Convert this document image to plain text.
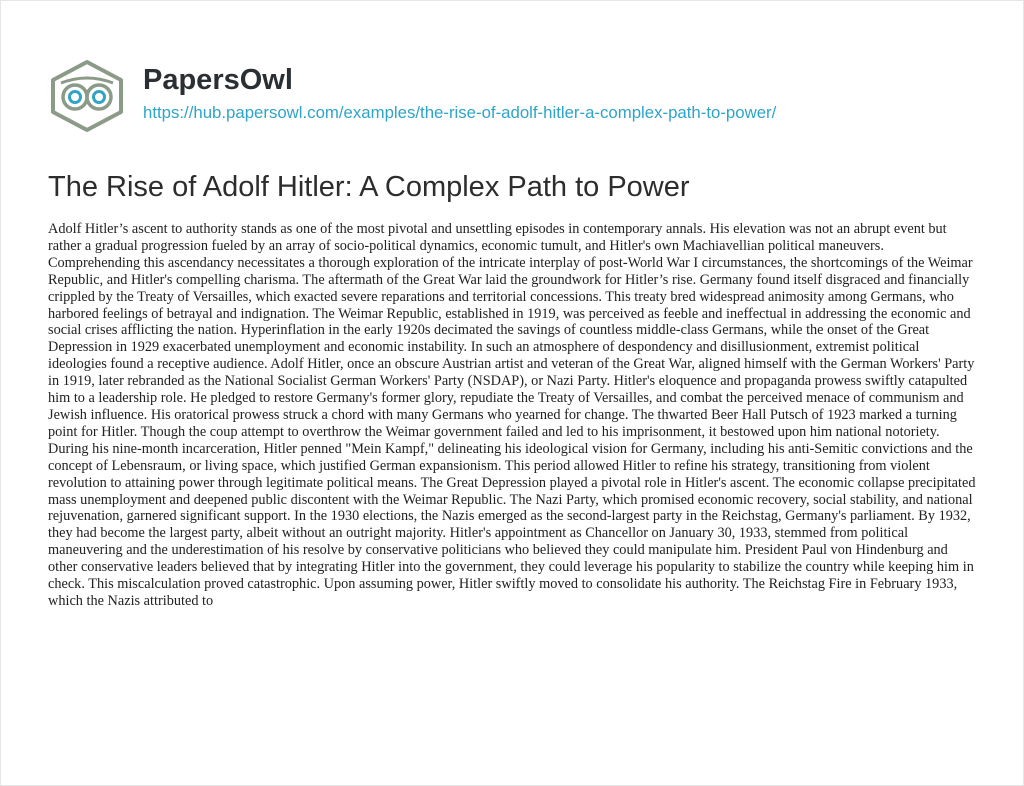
PapersOwl
https://hub.papersowl.com/examples/the-rise-of-adolf-hitler-a-complex-path-to-power/
The Rise of Adolf Hitler: A Complex Path to Power

Adolf Hitler’s ascent to authority stands as one of the most pivotal and unsettling episodes in contemporary annals. His elevation was not an abrupt event but rather a gradual progression fueled by an array of socio-political dynamics, economic tumult, and Hitler's own Machiavellian political maneuvers. Comprehending this ascendancy necessitates a thorough exploration of the intricate interplay of post-World War I circumstances, the shortcomings of the Weimar Republic, and Hitler's compelling charisma. The aftermath of the Great War laid the groundwork for Hitler’s rise. Germany found itself disgraced and financially crippled by the Treaty of Versailles, which exacted severe reparations and territorial concessions. This treaty bred widespread animosity among Germans, who harbored feelings of betrayal and indignation. The Weimar Republic, established in 1919, was perceived as feeble and ineffectual in addressing the economic and social crises afflicting the nation. Hyperinflation in the early 1920s decimated the savings of countless middle-class Germans, while the onset of the Great Depression in 1929 exacerbated unemployment and economic instability. In such an atmosphere of despondency and disillusionment, extremist political ideologies found a receptive audience. Adolf Hitler, once an obscure Austrian artist and veteran of the Great War, aligned himself with the German Workers' Party in 1919, later rebranded as the National Socialist German Workers' Party (NSDAP), or Nazi Party. Hitler's eloquence and propaganda prowess swiftly catapulted him to a leadership role. He pledged to restore Germany's former glory, repudiate the Treaty of Versailles, and combat the perceived menace of communism and Jewish influence. His oratorical prowess struck a chord with many Germans who yearned for change. The thwarted Beer Hall Putsch of 1923 marked a turning point for Hitler. Though the coup attempt to overthrow the Weimar government failed and led to his imprisonment, it bestowed upon him national notoriety. During his nine-month incarceration, Hitler penned "Mein Kampf," delineating his ideological vision for Germany, including his anti-Semitic convictions and the concept of Lebensraum, or living space, which justified German expansionism. This period allowed Hitler to refine his strategy, transitioning from violent revolution to attaining power through legitimate political means. The Great Depression played a pivotal role in Hitler's ascent. The economic collapse precipitated mass unemployment and deepened public discontent with the Weimar Republic. The Nazi Party, which promised economic recovery, social stability, and national rejuvenation, garnered significant support. In the 1930 elections, the Nazis emerged as the second-largest party in the Reichstag, Germany's parliament. By 1932, they had become the largest party, albeit without an outright majority. Hitler's appointment as Chancellor on January 30, 1933, stemmed from political maneuvering and the underestimation of his resolve by conservative politicians who believed they could manipulate him. President Paul von Hindenburg and other conservative leaders believed that by integrating Hitler into the government, they could leverage his popularity to stabilize the country while keeping him in check. This miscalculation proved catastrophic. Upon assuming power, Hitler swiftly moved to consolidate his authority. The Reichstag Fire in February 1933, which the Nazis attributed to
